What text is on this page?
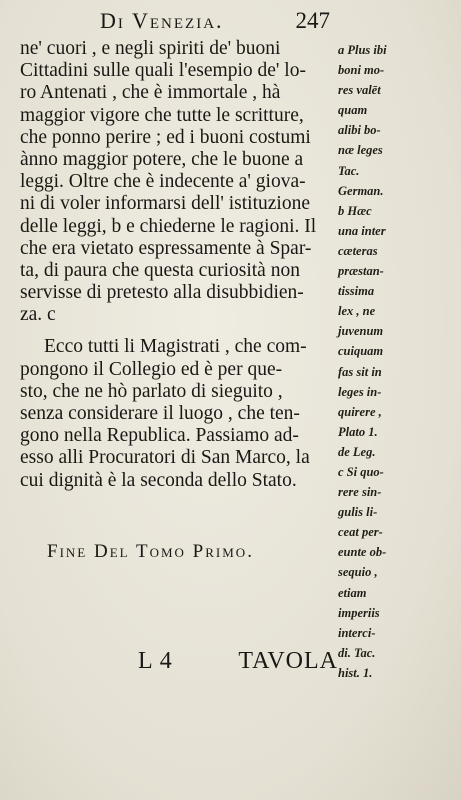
Di Venezia.	247
ne' cuori , e negli spiriti de' buoni
Cittadini sulle quali l'esempio de' lo-
ro Antenati , che è immortale , hà
maggior vigore che tutte le scritture,
che ponno perire ; ed i buoni costumi
ànno maggior potere, che le buone a
leggi. Oltre che è indecente a' giova-
ni di voler informarsi dell' istituzione
delle leggi, b e chiederne le ragioni. Il
che era vietato espressamente à Spar-
ta, di paura che questa curiosità non
servisse di pretesto alla disubbidien-
za. c
Ecco tutti li Magistrati , che com-
pongono il Collegio ed è per que-
sto, che ne hò parlato di sieguito ,
senza considerare il luogo , che ten-
gono nella Republica. Passiamo ad-
esso alli Procuratori di San Marco, la
cui dignità è la seconda dello Stato.
a Plus ibi
boni mo-
res valēt
quam
alibi bo-
næ leges
Tac.
German.
b Hæc
una inter
cæteras
præstan-
tissima
lex , ne
juvenum
cuiquam
fas sit in
leges in-
quirere ,
Plato 1.
de Leg.
c Si quo-
rere sin-
gulis li-
ceat per-
eunte ob-
sequio ,
etiam
imperiis
interci-
di. Tac.
hist. 1.
Fine Del Tomo Primo.
L 4	TAVOLA
